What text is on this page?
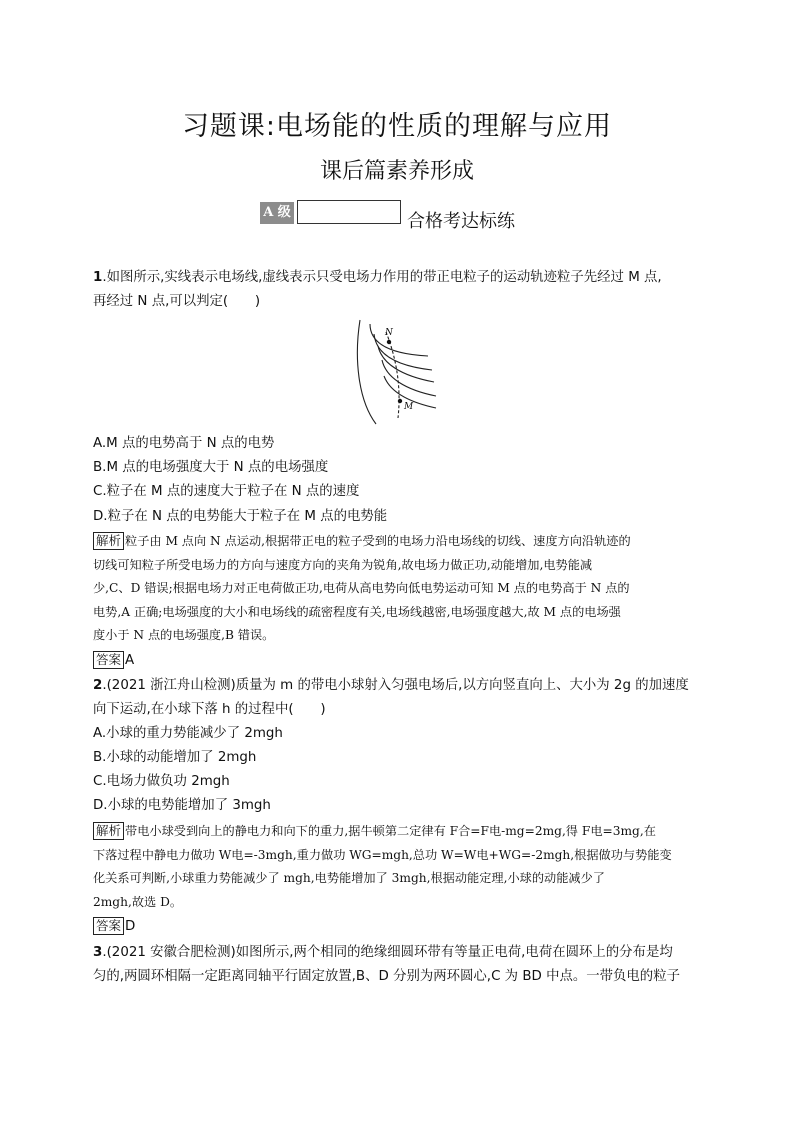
习题课:电场能的性质的理解与应用
课后篇素养形成
A 级	合格考达标练
1.如图所示,实线表示电场线,虚线表示只受电场力作用的带正电粒子的运动轨迹粒子先经过 M 点,
再经过 N 点,可以判定(　　)
N
M
A.M 点的电势高于 N 点的电势
B.M 点的电场强度大于 N 点的电场强度
C.粒子在 M 点的速度大于粒子在 N 点的速度
D.粒子在 N 点的电势能大于粒子在 M 点的电势能
解析 粒子由 M 点向 N 点运动,根据带正电的粒子受到的电场力沿电场线的切线、速度方向沿轨迹的
切线可知粒子所受电场力的方向与速度方向的夹角为锐角,故电场力做正功,动能增加,电势能减
少,C、D 错误;根据电场力对正电荷做正功,电荷从高电势向低电势运动可知 M 点的电势高于 N 点的
电势,A 正确;电场强度的大小和电场线的疏密程度有关,电场线越密,电场强度越大,故 M 点的电场强
度小于 N 点的电场强度,B 错误。
答案 A
2.(2021 浙江舟山检测)质量为 m 的带电小球射入匀强电场后,以方向竖直向上、大小为 2g 的加速度
向下运动,在小球下落 h 的过程中(　　)
A.小球的重力势能减少了 2mgh
B.小球的动能增加了 2mgh
C.电场力做负功 2mgh
D.小球的电势能增加了 3mgh
解析 带电小球受到向上的静电力和向下的重力,据牛顿第二定律有 F合=F电-mg=2mg,得 F电=3mg,在
下落过程中静电力做功 W电=-3mgh,重力做功 WG=mgh,总功 W=W电+WG=-2mgh,根据做功与势能变
化关系可判断,小球重力势能减少了 mgh,电势能增加了 3mgh,根据动能定理,小球的动能减少了
2mgh,故选 D。
答案 D
3.(2021 安徽合肥检测)如图所示,两个相同的绝缘细圆环带有等量正电荷,电荷在圆环上的分布是均
匀的,两圆环相隔一定距离同轴平行固定放置,B、D 分别为两环圆心,C 为 BD 中点。一带负电的粒子
